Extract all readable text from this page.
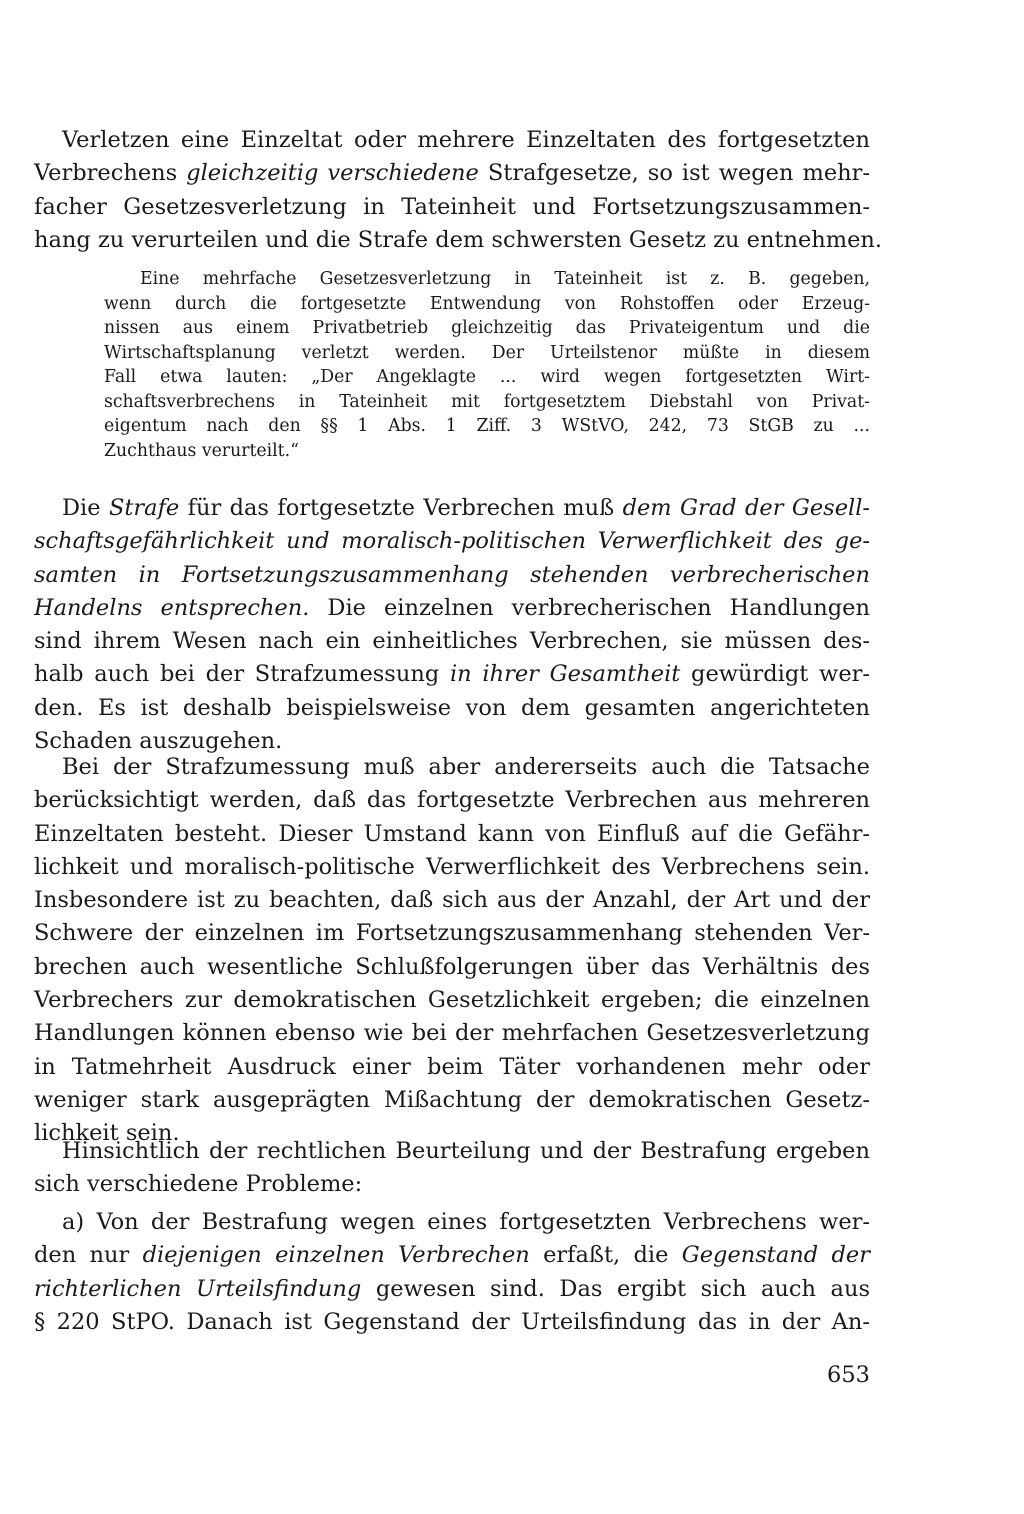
Verletzen eine Einzeltat oder mehrere Einzeltaten des fortgesetzten
Verbrechens gleichzeitig verschiedene Strafgesetze, so ist wegen mehr-
facher Gesetzesverletzung in Tateinheit und Fortsetzungszusammen-
hang zu verurteilen und die Strafe dem schwersten Gesetz zu entnehmen.
Eine mehrfache Gesetzesverletzung in Tateinheit ist z. B. gegeben,
wenn durch die fortgesetzte Entwendung von Rohstoffen oder Erzeug-
nissen aus einem Privatbetrieb gleichzeitig das Privateigentum und die
Wirtschaftsplanung verletzt werden. Der Urteilstenor müßte in diesem
Fall etwa lauten: „Der Angeklagte ... wird wegen fortgesetzten Wirt-
schaftsverbrechens in Tateinheit mit fortgesetztem Diebstahl von Privat-
eigentum nach den §§ 1 Abs. 1 Ziff. 3 WStVO, 242, 73 StGB zu ...
Zuchthaus verurteilt.“
Die Strafe für das fortgesetzte Verbrechen muß dem Grad der Gesell-
schaftsgefährlichkeit und moralisch-politischen Verwerflichkeit des ge-
samten in Fortsetzungszusammenhang stehenden verbrecherischen
Handelns entsprechen. Die einzelnen verbrecherischen Handlungen
sind ihrem Wesen nach ein einheitliches Verbrechen, sie müssen des-
halb auch bei der Strafzumessung in ihrer Gesamtheit gewürdigt wer-
den. Es ist deshalb beispielsweise von dem gesamten angerichteten
Schaden auszugehen.
Bei der Strafzumessung muß aber andererseits auch die Tatsache
berücksichtigt werden, daß das fortgesetzte Verbrechen aus mehreren
Einzeltaten besteht. Dieser Umstand kann von Einfluß auf die Gefähr-
lichkeit und moralisch-politische Verwerflichkeit des Verbrechens sein.
Insbesondere ist zu beachten, daß sich aus der Anzahl, der Art und der
Schwere der einzelnen im Fortsetzungszusammenhang stehenden Ver-
brechen auch wesentliche Schlußfolgerungen über das Verhältnis des
Verbrechers zur demokratischen Gesetzlichkeit ergeben; die einzelnen
Handlungen können ebenso wie bei der mehrfachen Gesetzesverletzung
in Tatmehrheit Ausdruck einer beim Täter vorhandenen mehr oder
weniger stark ausgeprägten Mißachtung der demokratischen Gesetz-
lichkeit sein.
Hinsichtlich der rechtlichen Beurteilung und der Bestrafung ergeben
sich verschiedene Probleme:
a) Von der Bestrafung wegen eines fortgesetzten Verbrechens wer-
den nur diejenigen einzelnen Verbrechen erfaßt, die Gegenstand der
richterlichen Urteilsfindung gewesen sind. Das ergibt sich auch aus
§ 220 StPO. Danach ist Gegenstand der Urteilsfindung das in der An-
653
